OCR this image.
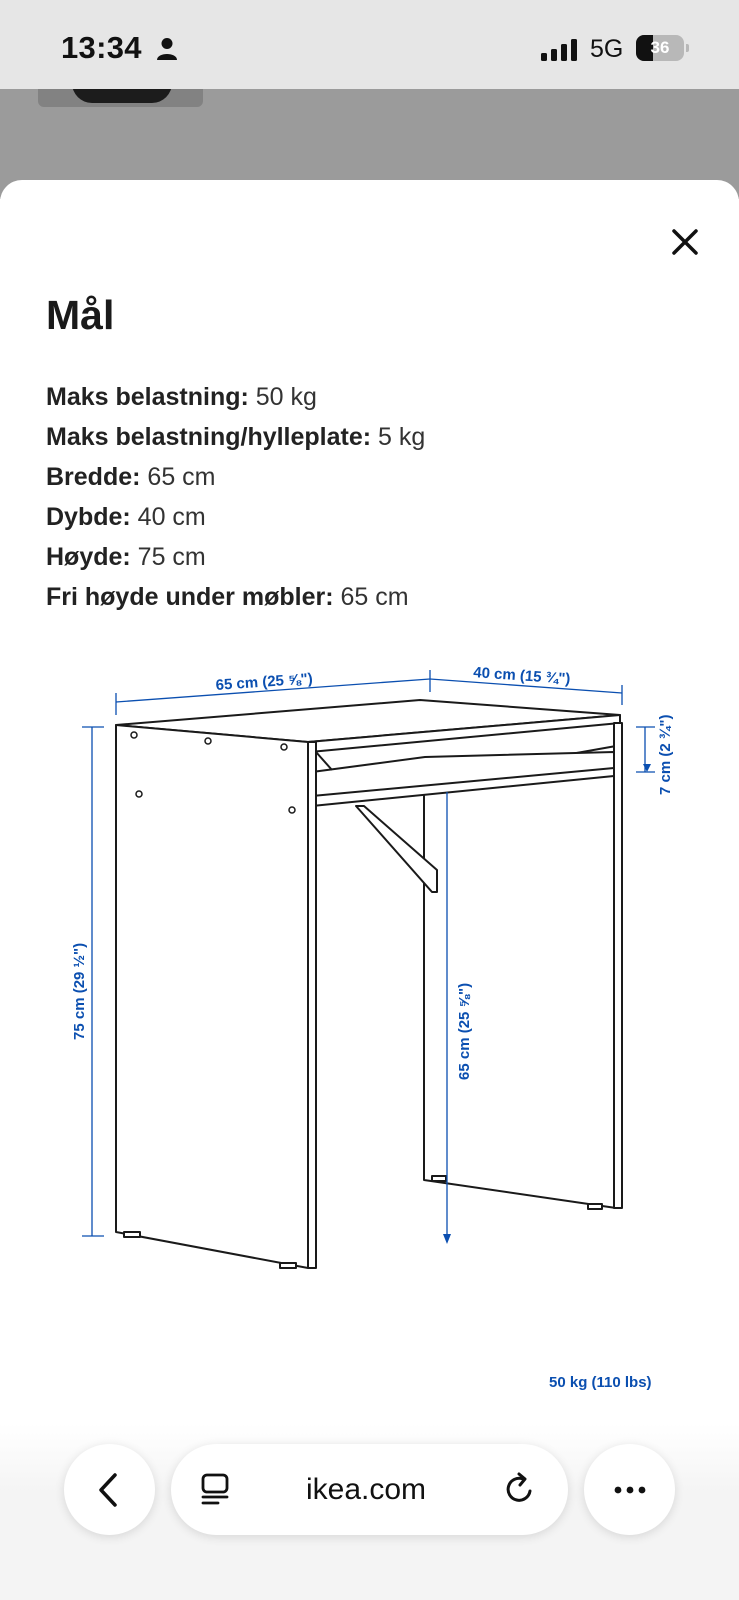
13:34	5G	36
Mål
Maks belastning: 50 kg
Maks belastning/hylleplate: 5 kg
Bredde: 65 cm
Dybde: 40 cm
Høyde: 75 cm
Fri høyde under møbler: 65 cm
65 cm (25 ⅝")	40 cm (15 ¾")
7 cm (2 ¾")
75 cm (29 ½")	65 cm (25 ⅝")
50 kg (110 lbs)
ikea.com
